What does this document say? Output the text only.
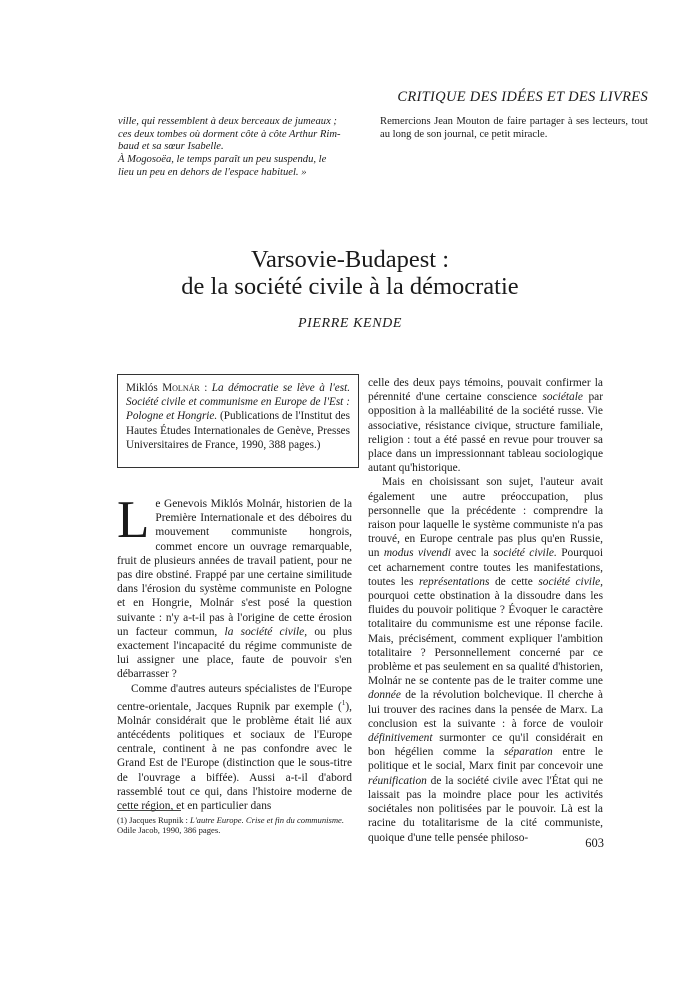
CRITIQUE DES IDÉES ET DES LIVRES
ville, qui ressemblent à deux berceaux de jumeaux ;
ces deux tombes où dorment côte à côte Arthur Rim-
baud et sa sœur Isabelle.
À Mogosoëa, le temps paraît un peu suspendu, le
lieu un peu en dehors de l'espace habituel. »
Remercions Jean Mouton de faire partager à ses lecteurs, tout au long de son journal, ce petit miracle.
Varsovie-Budapest :
de la société civile à la démocratie
PIERRE KENDE
Miklós Molnár : La démocratie se lève à l'est. Société civile et communisme en Europe de l'Est : Pologne et Hongrie. (Publications de l'Institut des Hautes Études Internationales de Genève, Presses Universitaires de France, 1990, 388 pages.)

Le Genevois Miklós Molnár, historien de la Première Internationale et des déboires du mouvement communiste hongrois, commet encore un ouvrage remarquable, fruit de plusieurs années de travail patient, pour ne pas dire obstiné. Frappé par une certaine similitude dans l'érosion du système communiste en Pologne et en Hongrie, Molnár s'est posé la question suivante : n'y a-t-il pas à l'origine de cette érosion un facteur commun, la société civile, ou plus exactement l'incapacité du régime communiste de lui assigner une place, faute de pouvoir s'en débarrasser ?

Comme d'autres auteurs spécialistes de l'Europe centre-orientale, Jacques Rupnik par exemple ($^1$), Molnár considérait que le problème était lié aux antécédents politiques et sociaux de l'Europe centrale, continent à ne pas confondre avec le Grand Est de l'Europe (distinction que le sous-titre de l'ouvrage a biffée). Aussi a-t-il d'abord rassemblé tout ce qui, dans l'histoire moderne de cette région, et en particulier dans

celle des deux pays témoins, pouvait confirmer la pérennité d'une certaine conscience sociétale par opposition à la malléabilité de la société russe. Vie associative, résistance civique, structure familiale, religion : tout a été passé en revue pour trouver sa place dans un impressionnant tableau sociologique autant qu'historique.

Mais en choisissant son sujet, l'auteur avait également une autre préoccupation, plus personnelle que la précédente : comprendre la raison pour laquelle le système communiste n'a pas trouvé, en Europe centrale pas plus qu'en Russie, un modus vivendi avec la société civile. Pourquoi cet acharnement contre toutes les manifestations, toutes les représentations de cette société civile, pourquoi cette obstination à la dissoudre dans les fluides du pouvoir politique ? Évoquer le caractère totalitaire du communisme est une réponse facile. Mais, précisément, comment expliquer l'ambition totalitaire ? Personnellement concerné par ce problème et pas seulement en sa qualité d'historien, Molnár ne se contente pas de le traiter comme une donnée de la révolution bolchevique. Il cherche à lui trouver des racines dans la pensée de Marx. La conclusion est la suivante : à force de vouloir définitivement surmonter ce qu'il considérait en bon hégélien comme la séparation entre le politique et le social, Marx finit par concevoir une réunification de la société civile avec l'État qui ne laissait pas la moindre place pour les activités sociétales non politisées par le pouvoir. Là est la racine du totalitarisme de la cité communiste, quoique d'une telle pensée philoso-

(1) Jacques Rupnik : L'autre Europe. Crise et fin du communisme. Odile Jacob, 1990, 386 pages.
603
